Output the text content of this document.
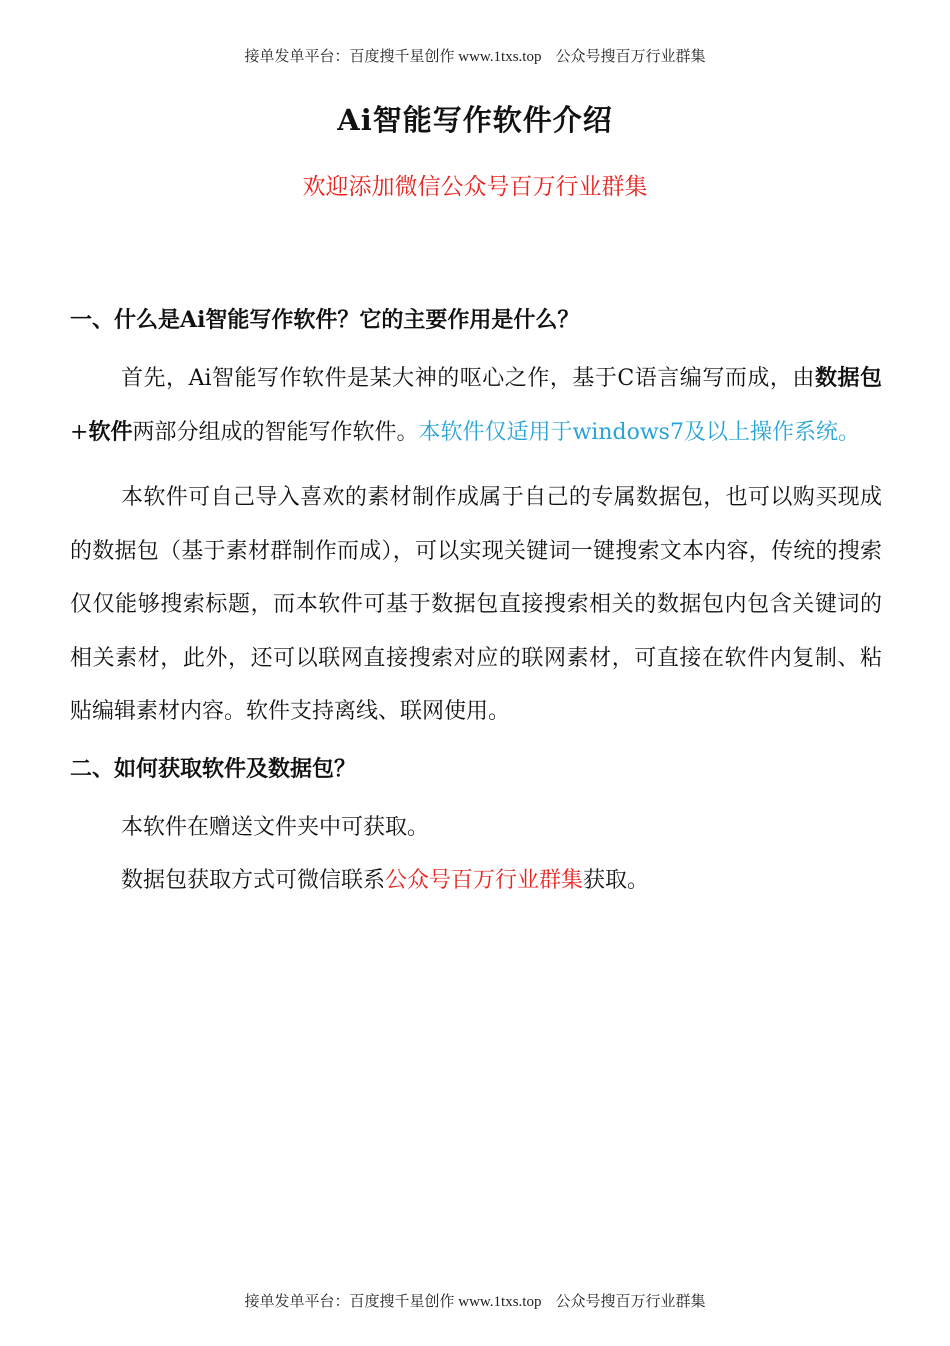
接单发单平台：百度搜千星创作 www.1txs.top 公众号搜百万行业群集
Ai智能写作软件介绍

欢迎添加微信公众号百万行业群集

一、什么是Ai智能写作软件？它的主要作用是什么？

首先，Ai智能写作软件是某大神的呕心之作，基于C语言编写而成，由数据包+软件两部分组成的智能写作软件。本软件仅适用于windows7及以上操作系统。

本软件可自己导入喜欢的素材制作成属于自己的专属数据包，也可以购买现成的数据包（基于素材群制作而成），可以实现关键词一键搜索文本内容，传统的搜索仅仅能够搜索标题，而本软件可基于数据包直接搜索相关的数据包内包含关键词的相关素材，此外，还可以联网直接搜索对应的联网素材，可直接在软件内复制、粘贴编辑素材内容。软件支持离线、联网使用。

二、如何获取软件及数据包？

本软件在赠送文件夹中可获取。

数据包获取方式可微信联系公众号百万行业群集获取。

接单发单平台：百度搜千星创作 www.1txs.top 公众号搜百万行业群集
